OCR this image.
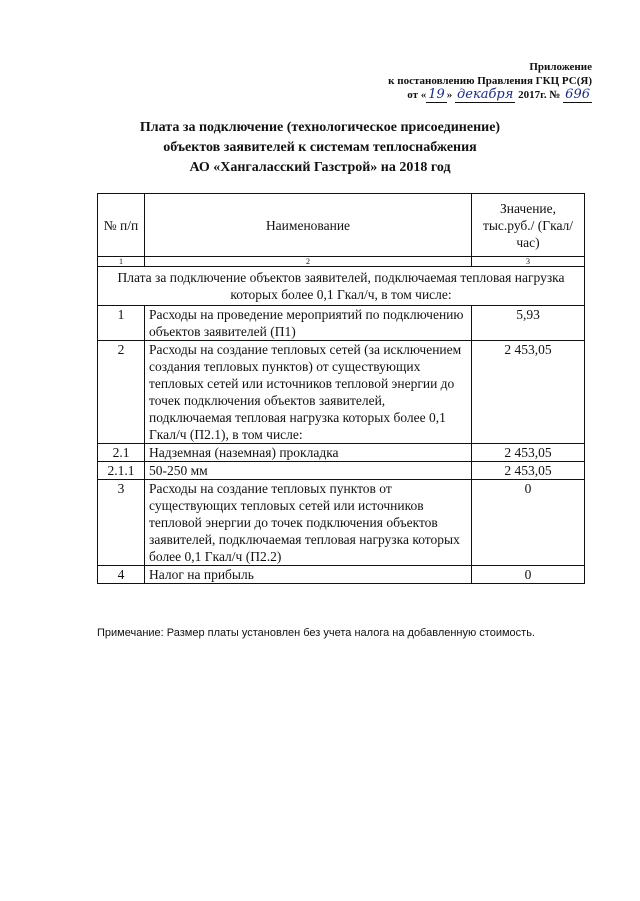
Приложение
к постановлению Правления ГКЦ РС(Я)
от « 19 » декабря 2017г. № 696
Плата за подключение (технологическое присоединение)
объектов заявителей к системам теплоснабжения
АО «Хангаласский Газстрой» на 2018 год
№ п/п	Наименование	Значение, тыс.руб./ (Гкал/час)
1	2	3
Плата за подключение объектов заявителей, подключаемая тепловая нагрузка которых более 0,1 Гкал/ч, в том числе:		
1	Расходы на проведение мероприятий по подключению объектов заявителей (П1)	5,93
2	Расходы на создание тепловых сетей (за исключением создания тепловых пунктов) от существующих тепловых сетей или источников тепловой энергии до точек подключения объектов заявителей, подключаемая тепловая нагрузка которых более 0,1 Гкал/ч (П2.1), в том числе:	2 453,05
2.1	Надземная (наземная) прокладка	2 453,05
2.1.1	50-250 мм	2 453,05
3	Расходы на создание тепловых пунктов от существующих тепловых сетей или источников тепловой энергии до точек подключения объектов заявителей, подключаемая тепловая нагрузка которых более 0,1 Гкал/ч (П2.2)	0
4	Налог на прибыль	0
Примечание: Размер платы установлен без учета налога на добавленную стоимость.
